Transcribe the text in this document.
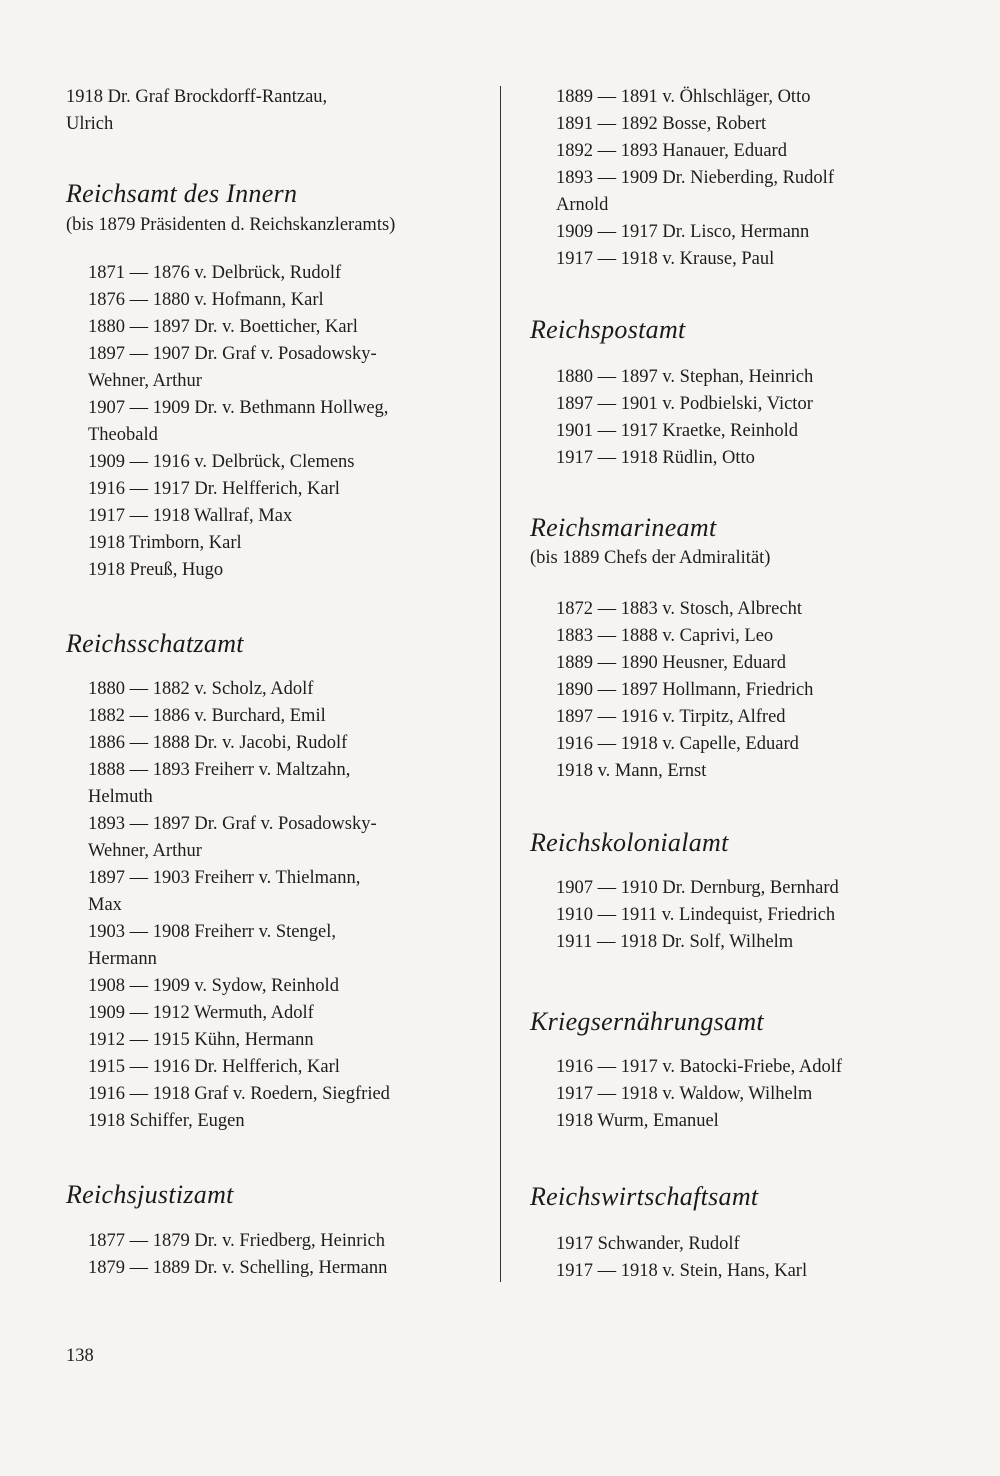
1918 Dr. Graf Brockdorff-Rantzau,
Ulrich
Reichsamt des Innern
(bis 1879 Präsidenten d. Reichskanzleramts)
1871 — 1876 v. Delbrück, Rudolf
1876 — 1880 v. Hofmann, Karl
1880 — 1897 Dr. v. Boetticher, Karl
1897 — 1907 Dr. Graf v. Posadowsky-
Wehner, Arthur
1907 — 1909 Dr. v. Bethmann Hollweg,
Theobald
1909 — 1916 v. Delbrück, Clemens
1916 — 1917 Dr. Helfferich, Karl
1917 — 1918 Wallraf, Max
1918 Trimborn, Karl
1918 Preuß, Hugo
Reichsschatzamt
1880 — 1882 v. Scholz, Adolf
1882 — 1886 v. Burchard, Emil
1886 — 1888 Dr. v. Jacobi, Rudolf
1888 — 1893 Freiherr v. Maltzahn,
Helmuth
1893 — 1897 Dr. Graf v. Posadowsky-
Wehner, Arthur
1897 — 1903 Freiherr v. Thielmann,
Max
1903 — 1908 Freiherr v. Stengel,
Hermann
1908 — 1909 v. Sydow, Reinhold
1909 — 1912 Wermuth, Adolf
1912 — 1915 Kühn, Hermann
1915 — 1916 Dr. Helfferich, Karl
1916 — 1918 Graf v. Roedern, Siegfried
1918 Schiffer, Eugen
Reichsjustizamt
1877 — 1879 Dr. v. Friedberg, Heinrich
1879 — 1889 Dr. v. Schelling, Hermann
1889 — 1891 v. Öhlschläger, Otto
1891 — 1892 Bosse, Robert
1892 — 1893 Hanauer, Eduard
1893 — 1909 Dr. Nieberding, Rudolf
Arnold
1909 — 1917 Dr. Lisco, Hermann
1917 — 1918 v. Krause, Paul
Reichspostamt
1880 — 1897 v. Stephan, Heinrich
1897 — 1901 v. Podbielski, Victor
1901 — 1917 Kraetke, Reinhold
1917 — 1918 Rüdlin, Otto
Reichsmarineamt
(bis 1889 Chefs der Admiralität)
1872 — 1883 v. Stosch, Albrecht
1883 — 1888 v. Caprivi, Leo
1889 — 1890 Heusner, Eduard
1890 — 1897 Hollmann, Friedrich
1897 — 1916 v. Tirpitz, Alfred
1916 — 1918 v. Capelle, Eduard
1918 v. Mann, Ernst
Reichskolonialamt
1907 — 1910 Dr. Dernburg, Bernhard
1910 — 1911 v. Lindequist, Friedrich
1911 — 1918 Dr. Solf, Wilhelm
Kriegsernährungsamt
1916 — 1917 v. Batocki-Friebe, Adolf
1917 — 1918 v. Waldow, Wilhelm
1918 Wurm, Emanuel
Reichswirtschaftsamt
1917 Schwander, Rudolf
1917 — 1918 v. Stein, Hans, Karl
138
